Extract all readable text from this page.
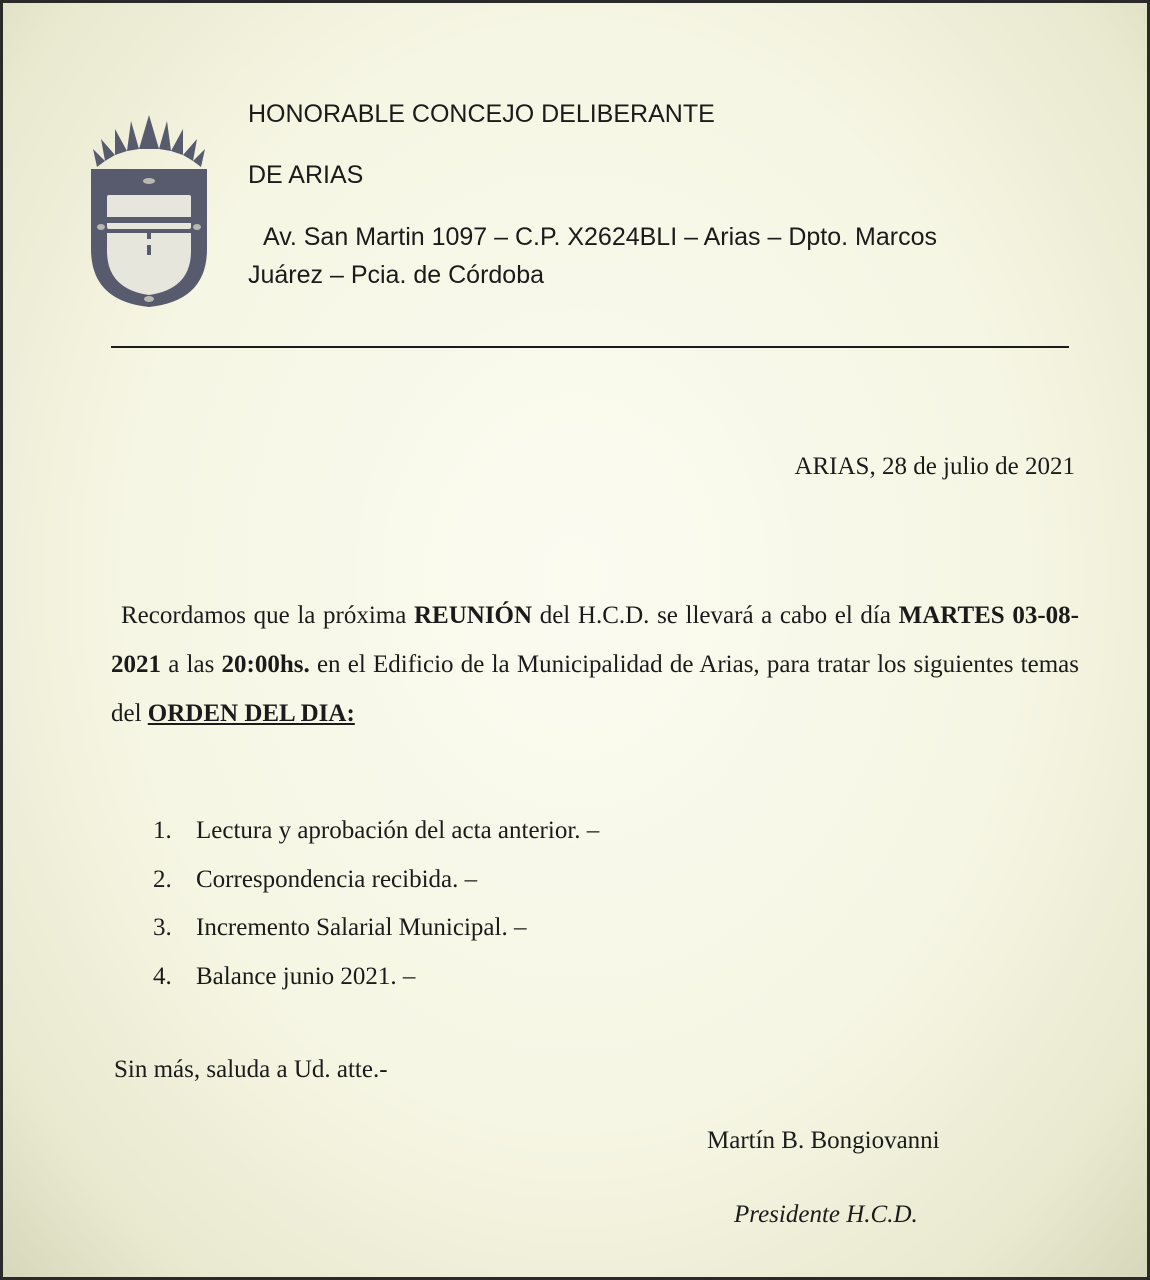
HONORABLE CONCEJO DELIBERANTE
DE ARIAS
Av. San Martin 1097 – C.P. X2624BLI – Arias – Dpto. Marcos
Juárez – Pcia. de Córdoba
ARIAS, 28 de julio de 2021
Recordamos que la próxima REUNIÓN del H.C.D. se llevará a cabo el día MARTES 03-08-2021 a las 20:00hs. en el Edificio de la Municipalidad de Arias, para tratar los siguientes temas del ORDEN DEL DIA:
1. Lectura y aprobación del acta anterior. –
2. Correspondencia recibida. –
3. Incremento Salarial Municipal. –
4. Balance junio 2021. –
Sin más, saluda a Ud. atte.-
Martín B. Bongiovanni
Presidente H.C.D.
